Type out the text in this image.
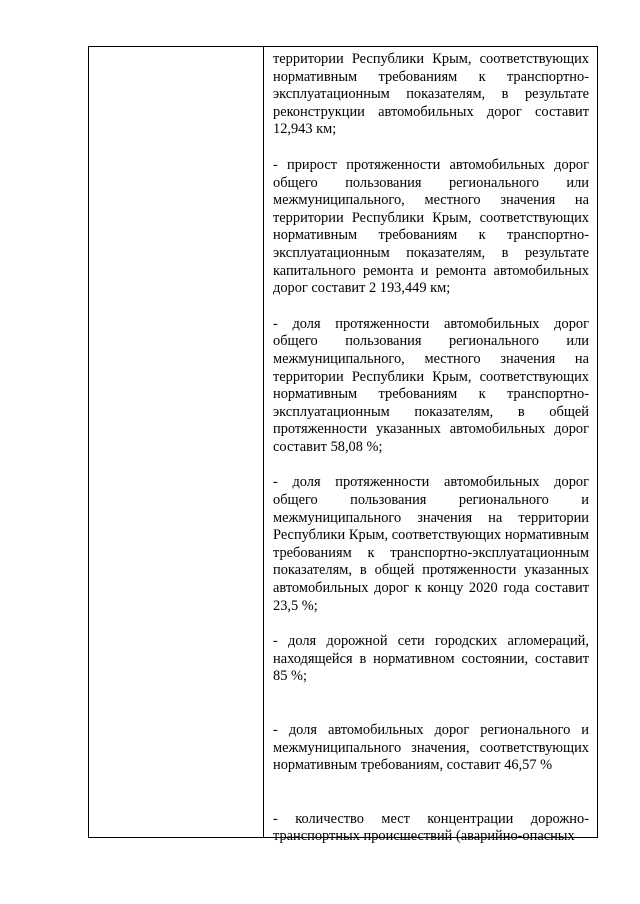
территории Республики Крым, соответствующих нормативным требованиям к транспортно-эксплуатационным показателям, в результате реконструкции автомобильных дорог составит 12,943 км;

- прирост протяженности автомобильных дорог общего пользования регионального или межмуниципального, местного значения на территории Республики Крым, соответствующих нормативным требованиям к транспортно-эксплуатационным показателям, в результате капитального ремонта и ремонта автомобильных дорог составит 2 193,449 км;

- доля протяженности автомобильных дорог общего пользования регионального или межмуниципального, местного значения на территории Республики Крым, соответствующих нормативным требованиям к транспортно-эксплуатационным показателям, в общей протяженности указанных автомобильных дорог составит 58,08 %;

- доля протяженности автомобильных дорог общего пользования регионального и межмуниципального значения на территории Республики Крым, соответствующих нормативным требованиям к транспортно-эксплуатационным показателям, в общей протяженности указанных автомобильных дорог к концу 2020 года составит 23,5 %;

- доля дорожной сети городских агломераций, находящейся в нормативном состоянии, составит 85 %;

- доля автомобильных дорог регионального и межмуниципального значения, соответствующих нормативным требованиям, составит 46,57 %

- количество мест концентрации дорожно-транспортных происшествий (аварийно-опасных
